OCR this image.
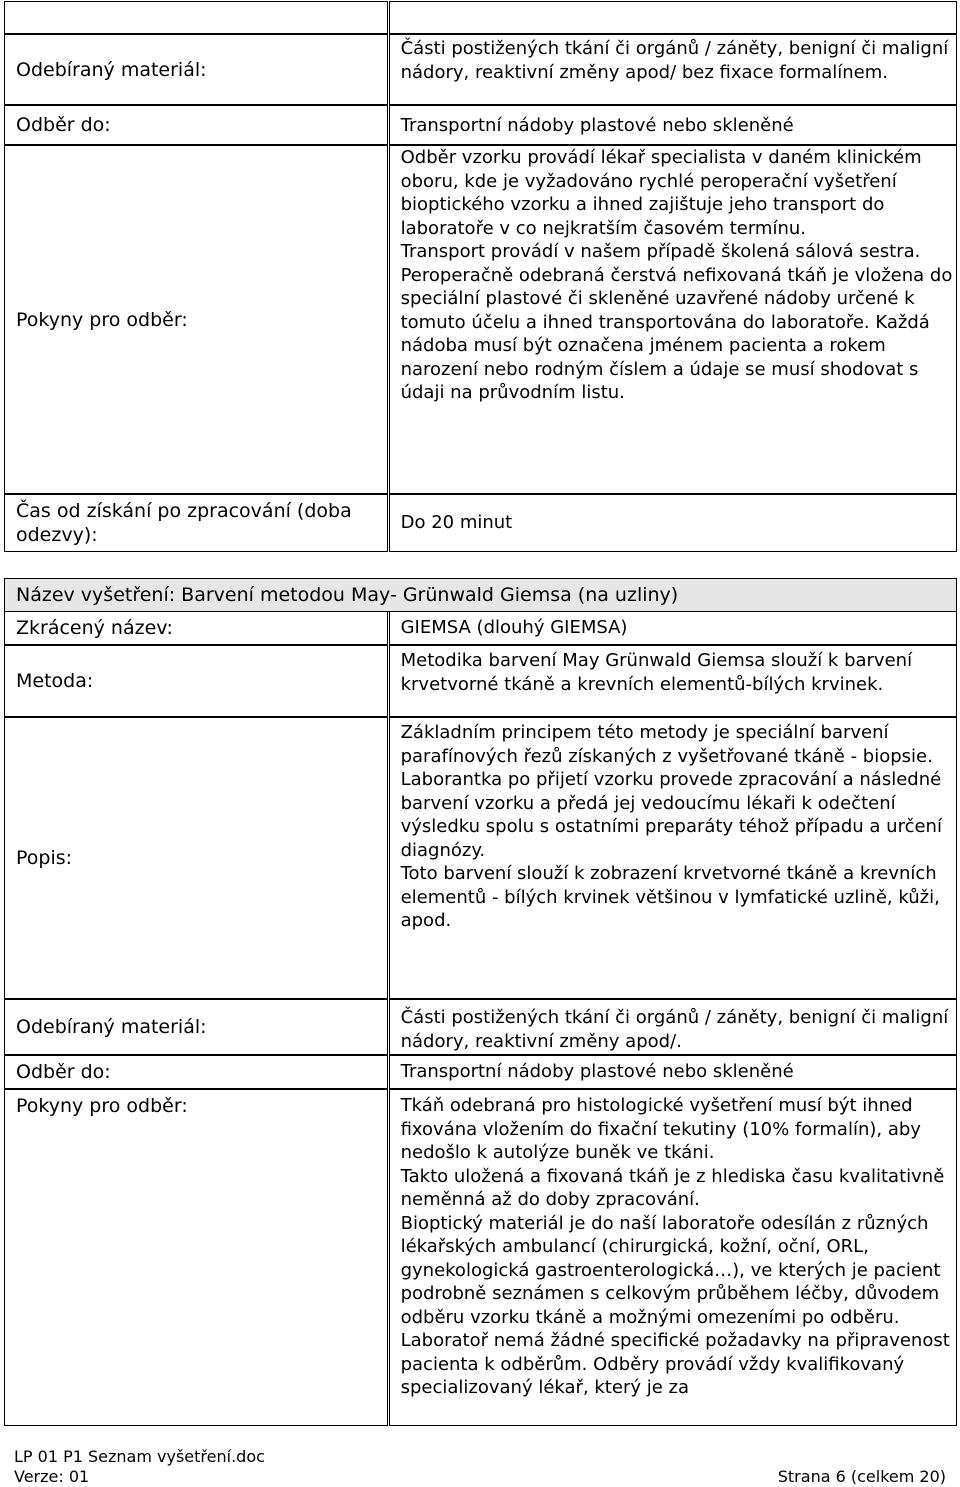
Odebíraný materiál:

Části postižených tkání či orgánů / záněty, benigní či maligní nádory, reaktivní změny apod/ bez fixace formalínem.

Odběr do:	Transportní nádoby plastové nebo skleněné

Pokyny pro odběr:

Odběr vzorku provádí lékař specialista v daném klinickém oboru, kde je vyžadováno rychlé peroperační vyšetření bioptického vzorku a ihned zajištuje jeho transport do laboratoře v co nejkratším časovém termínu.

Transport provádí v našem případě školená sálová sestra.

Peroperačně odebraná čerstvá nefixovaná tkáň je vložena do speciální plastové či skleněné uzavřené nádoby určené k tomuto účelu a ihned transportována do laboratoře. Každá nádoba musí být označena jménem pacienta a rokem narození nebo rodným číslem a údaje se musí shodovat s údaji na průvodním listu.

Čas od získání po zpracování (doba odezvy):

Do 20 minut

Název vyšetření: Barvení metodou May- Grünwald Giemsa (na uzliny)
Zkrácený název:	GIEMSA (dlouhý GIEMSA)

Metoda:

Metodika barvení May Grünwald Giemsa slouží k barvení krvetvorné tkáně a krevních elementů-bílých krvinek.

Popis:

Základním principem této metody je speciální barvení parafínových řezů získaných z vyšetřované tkáně - biopsie.

Laborantka po přijetí vzorku provede zpracování a následné barvení vzorku a předá jej vedoucímu lékaři k odečtení výsledku spolu s ostatními preparáty téhož případu a určení diagnózy.

Toto barvení slouží k zobrazení krvetvorné tkáně a krevních elementů - bílých krvinek většinou v lymfatické uzlině, kůži,

apod.

Odebíraný materiál:	Části postižených tkání či orgánů / záněty, benigní či maligní nádory, reaktivní změny apod/.

Odběr do:	Transportní nádoby plastové nebo skleněné

Pokyny pro odběr:	Tkáň odebraná pro histologické vyšetření musí být ihned fixována vložením do fixační tekutiny (10% formalín), aby nedošlo k autolýze buněk ve tkáni.

Takto uložená a fixovaná tkáň je z hlediska času kvalitativně neměnná až do doby zpracování.

Bioptický materiál je do naší laboratoře odesílán z různých lékařských ambulancí (chirurgická, kožní, oční, ORL, gynekologická gastroenterologická…), ve kterých je pacient podrobně seznámen s celkovým průběhem léčby, důvodem odběru vzorku tkáně a možnými omezeními po odběru.

Laboratoř nemá žádné specifické požadavky na připravenost pacienta k odběrům. Odběry provádí vždy kvalifikovaný specializovaný lékař, který je za

LP 01 P1 Seznam vyšetření.doc
Verze: 01	Strana 6 (celkem 20)
